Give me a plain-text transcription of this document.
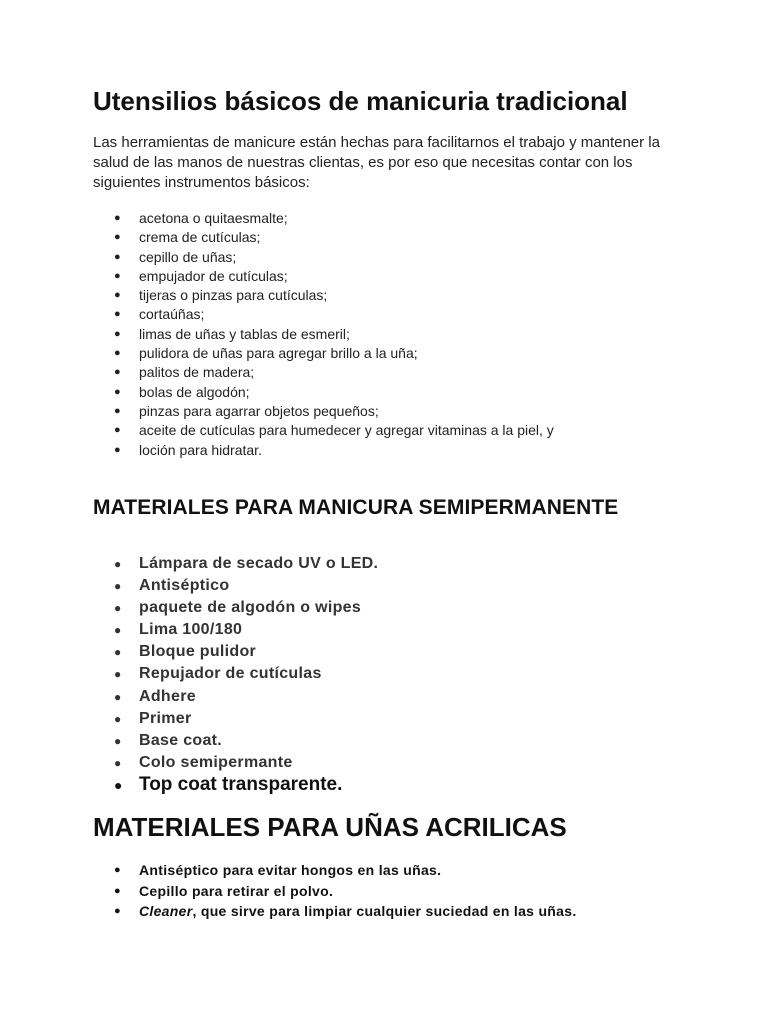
Utensilios básicos de manicuria tradicional

Las herramientas de manicure están hechas para facilitarnos el trabajo y mantener la salud de las manos de nuestras clientas, es por eso que necesitas contar con los siguientes instrumentos básicos:

● acetona o quitaesmalte;
● crema de cutículas;
● cepillo de uñas;
● empujador de cutículas;
● tijeras o pinzas para cutículas;
● cortaúñas;
● limas de uñas y tablas de esmeril;
● pulidora de uñas para agregar brillo a la uña;
● palitos de madera;
● bolas de algodón;
● pinzas para agarrar objetos pequeños;
● aceite de cutículas para humedecer y agregar vitaminas a la piel, y
● loción para hidratar.
MATERIALES PARA MANICURA SEMIPERMANENTE
● Lámpara de secado UV o LED.
● Antiséptico
● paquete de algodón o wipes
● Lima 100/180
● Bloque pulidor
● Repujador de cutículas
● Adhere
● Primer
● Base coat.
● Colo semipermante
● Top coat transparente.
MATERIALES PARA UÑAS ACRILICAS
● Antiséptico para evitar hongos en las uñas.
● Cepillo para retirar el polvo.
● Cleaner, que sirve para limpiar cualquier suciedad en las uñas.
